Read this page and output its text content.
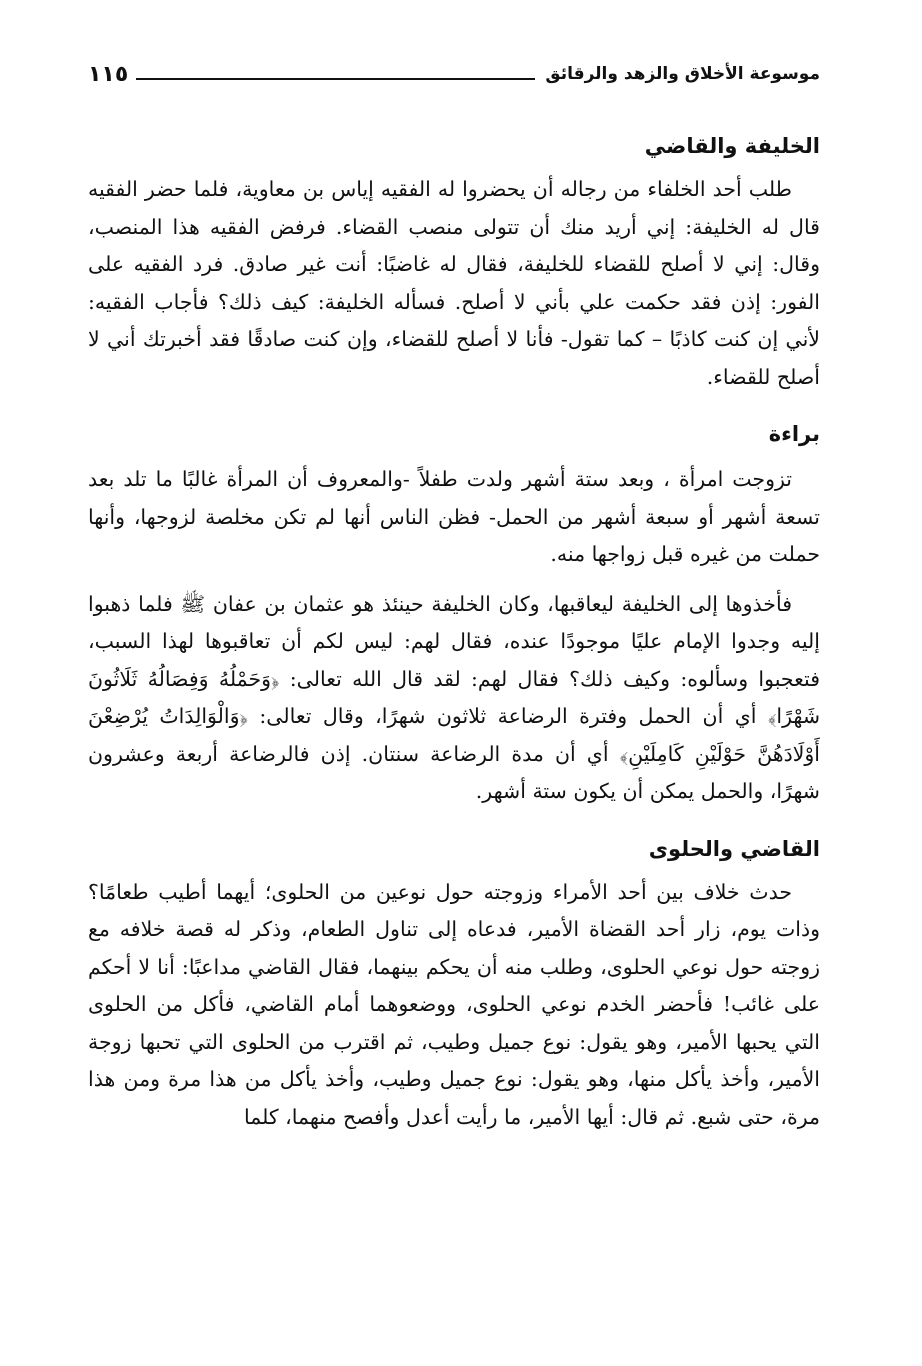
موسوعة الأخلاق والزهد والرقائق
١١٥
الخليفة والقاضي

طلب أحد الخلفاء من رجاله أن يحضروا له الفقيه إياس بن معاوية، فلما حضر الفقيه قال له الخليفة: إني أريد منك أن تتولى منصب القضاء. فرفض الفقيه هذا المنصب، وقال: إني لا أصلح للقضاء للخليفة، فقال له غاضبًا: أنت غير صادق. فرد الفقيه على الفور: إذن فقد حكمت علي بأني لا أصلح. فسأله الخليفة: كيف ذلك؟ فأجاب الفقيه: لأني إن كنت كاذبًا – كما تقول- فأنا لا أصلح للقضاء، وإن كنت صادقًا فقد أخبرتك أني لا أصلح للقضاء.

براءة

تزوجت امرأة ، وبعد ستة أشهر ولدت طفلاً -والمعروف أن المرأة غالبًا ما تلد بعد تسعة أشهر أو سبعة أشهر من الحمل- فظن الناس أنها لم تكن مخلصة لزوجها، وأنها حملت من غيره قبل زواجها منه.

فأخذوها إلى الخليفة ليعاقبها، وكان الخليفة حينئذ هو عثمان بن عفان ﷺ فلما ذهبوا إليه وجدوا الإمام عليًا موجودًا عنده، فقال لهم: ليس لكم أن تعاقبوها لهذا السبب، فتعجبوا وسألوه: وكيف ذلك؟ فقال لهم: لقد قال الله تعالى: ﴿وَحَمْلُهُ وَفِصَالُهُ ثَلَاثُونَ شَهْرًا﴾ أي أن الحمل وفترة الرضاعة ثلاثون شهرًا، وقال تعالى: ﴿وَالْوَالِدَاتُ يُرْضِعْنَ أَوْلَادَهُنَّ حَوْلَيْنِ كَامِلَيْنِ﴾ أي أن مدة الرضاعة سنتان. إذن فالرضاعة أربعة وعشرون شهرًا، والحمل يمكن أن يكون ستة أشهر.

القاضي والحلوى

حدث خلاف بين أحد الأمراء وزوجته حول نوعين من الحلوى؛ أيهما أطيب طعامًا؟ وذات يوم، زار أحد القضاة الأمير، فدعاه إلى تناول الطعام، وذكر له قصة خلافه مع زوجته حول نوعي الحلوى، وطلب منه أن يحكم بينهما، فقال القاضي مداعبًا: أنا لا أحكم على غائب! فأحضر الخدم نوعي الحلوى، ووضعوهما أمام القاضي، فأكل من الحلوى التي يحبها الأمير، وهو يقول: نوع جميل وطيب، ثم اقترب من الحلوى التي تحبها زوجة الأمير، وأخذ يأكل منها، وهو يقول: نوع جميل وطيب، وأخذ يأكل من هذا مرة ومن هذا مرة، حتى شبع. ثم قال: أيها الأمير، ما رأيت أعدل وأفصح منهما، كلما
